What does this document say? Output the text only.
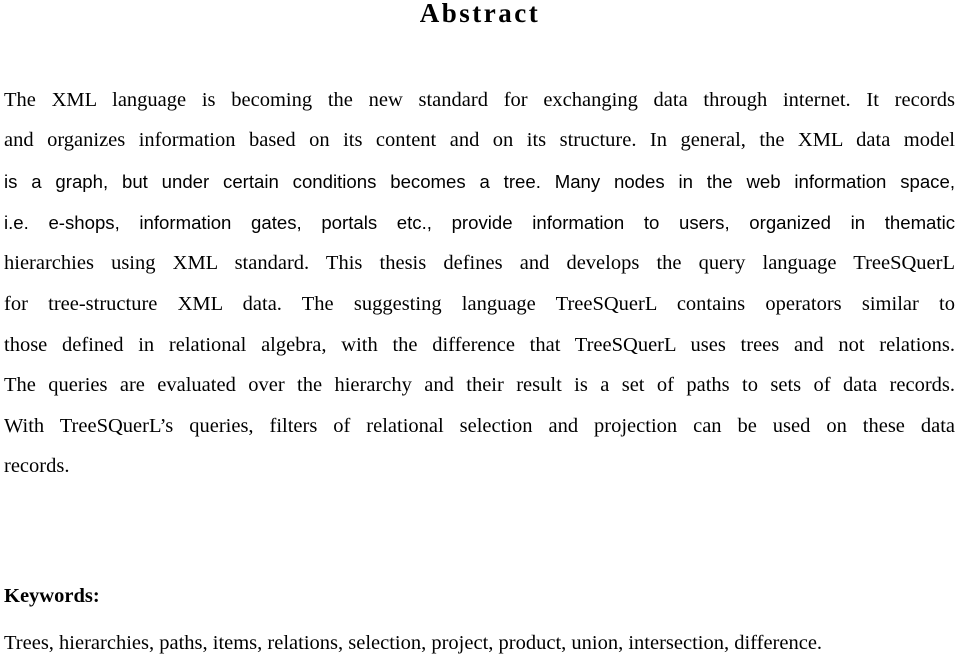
Abstract
The XML language is becoming the new standard for exchanging data through internet. It records
and organizes information based on its content and on its structure. In general, the XML data model
is a graph, but under certain conditions becomes a tree. Many nodes in the web information space,
i.e. e-shops, information gates, portals etc., provide information to users, organized in thematic
hierarchies using XML standard. This thesis defines and develops the query language TreeSQuerL
for tree-structure XML data. The suggesting language TreeSQuerL contains operators similar to
those defined in relational algebra, with the difference that TreeSQuerL uses trees and not relations.
The queries are evaluated over the hierarchy and their result is a set of paths to sets of data records.
With TreeSQuerL’s queries, filters of relational selection and projection can be used on these data
records.
Keywords:
Trees, hierarchies, paths, items, relations, selection, project, product, union, intersection, difference.
